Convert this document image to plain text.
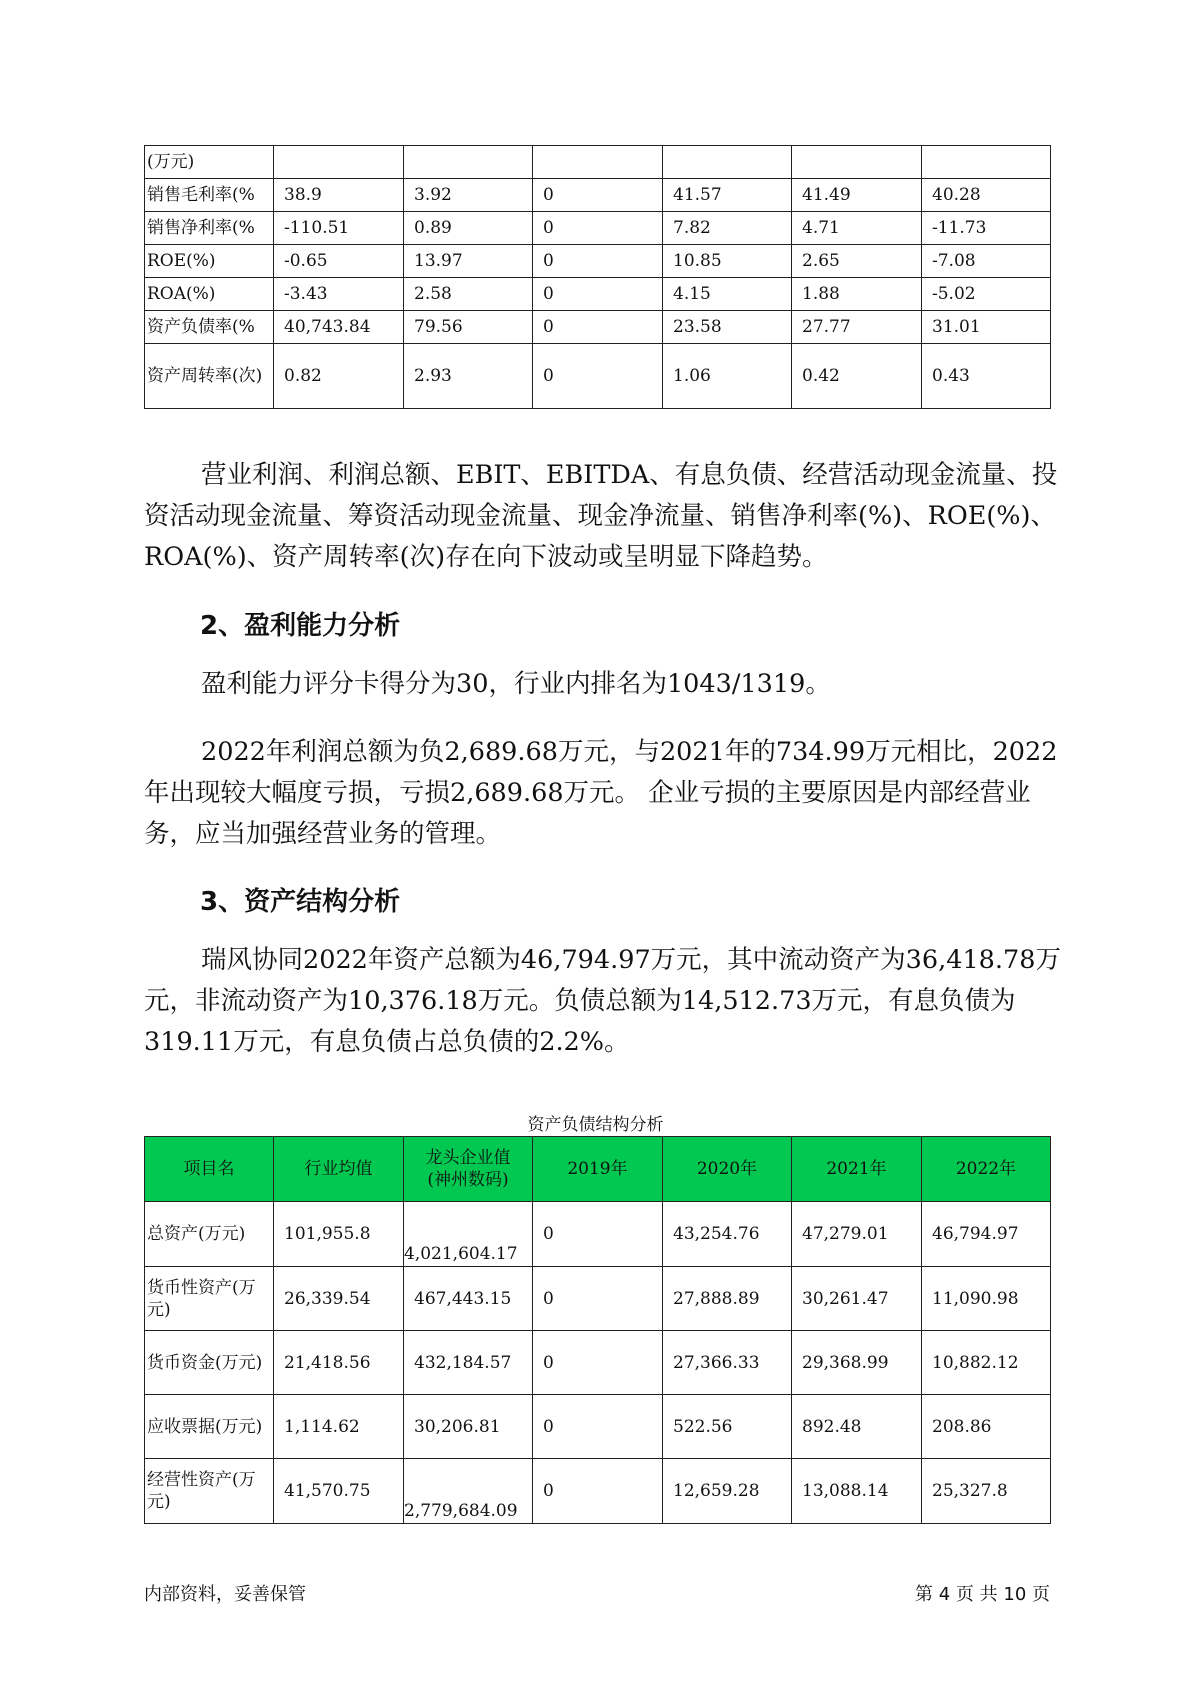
(万元)						
销售毛利率(%	38.9	3.92	0	41.57	41.49	40.28
销售净利率(%	-110.51	0.89	0	7.82	4.71	-11.73
ROE(%)	-0.65	13.97	0	10.85	2.65	-7.08
ROA(%)	-3.43	2.58	0	4.15	1.88	-5.02
资产负债率(%	40,743.84	79.56	0	23.58	27.77	31.01
资产周转率(次)	0.82	2.93	0	1.06	0.42	0.43

营业利润、利润总额、EBIT、EBITDA、有息负债、经营活动现金流量、投资活动现金流量、筹资活动现金流量、现金净流量、销售净利率(%)、ROE(%)、ROA(%)、资产周转率(次)存在向下波动或呈明显下降趋势。

2、盈利能力分析

盈利能力评分卡得分为30，行业内排名为1043/1319。

2022年利润总额为负2,689.68万元，与2021年的734.99万元相比，2022年出现较大幅度亏损，亏损2,689.68万元。 企业亏损的主要原因是内部经营业务，应当加强经营业务的管理。

3、资产结构分析

瑞风协同2022年资产总额为46,794.97万元，其中流动资产为36,418.78万元，非流动资产为10,376.18万元。负债总额为14,512.73万元，有息负债为319.11万元，有息负债占总负债的2.2%。

资产负债结构分析
项目名	行业均值	龙头企业值(神州数码)	2019年	2020年	2021年	2022年
总资产(万元)	101,955.8	4,021,604.17	0	43,254.76	47,279.01	46,794.97
货币性资产(万元)	26,339.54	467,443.15	0	27,888.89	30,261.47	11,090.98
货币资金(万元)	21,418.56	432,184.57	0	27,366.33	29,368.99	10,882.12
应收票据(万元)	1,114.62	30,206.81	0	522.56	892.48	208.86
经营性资产(万元)	41,570.75	2,779,684.09	0	12,659.28	13,088.14	25,327.8
内部资料，妥善保管	第 4 页 共 10 页
